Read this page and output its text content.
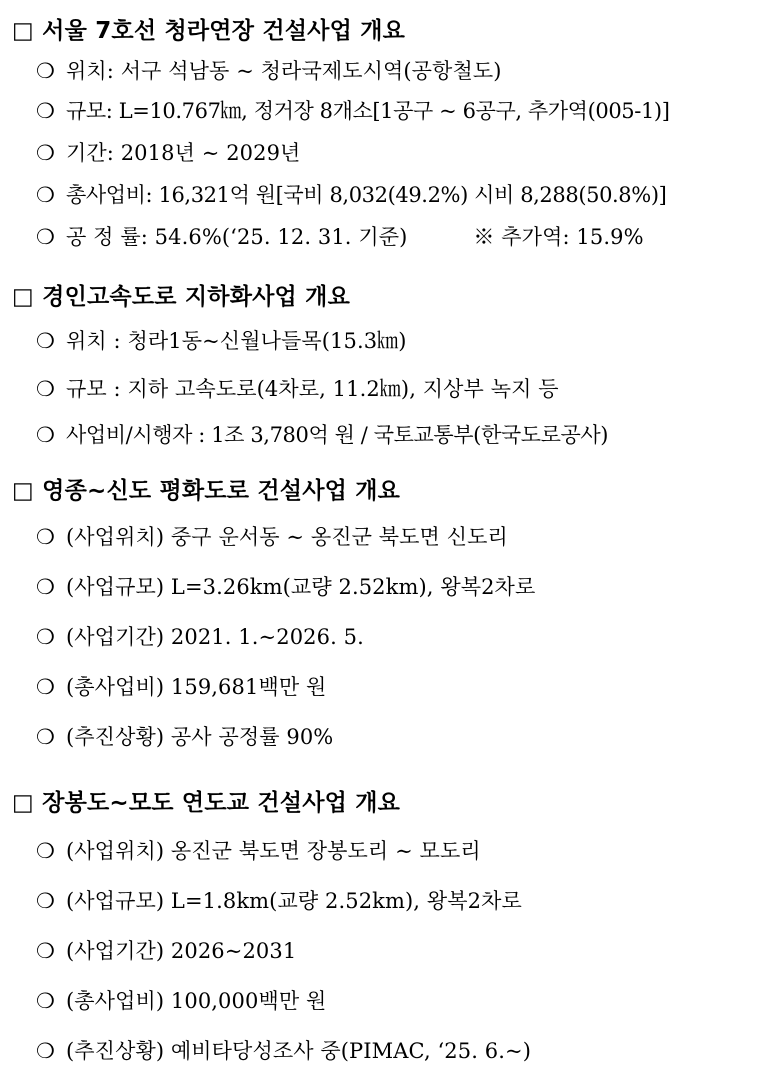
□ 서울 7호선 청라연장 건설사업 개요
❍ 위치: 서구 석남동 ~ 청라국제도시역(공항철도)
❍ 규모: L=10.767㎞, 정거장 8개소[1공구 ~ 6공구, 추가역(005-1)]
❍ 기간: 2018년 ∼ 2029년
❍ 총사업비: 16,321억 원[국비 8,032(49.2%) 시비 8,288(50.8%)]
❍ 공 정 률: 54.6%(‘25. 12. 31. 기준)	※ 추가역: 15.9%
□ 경인고속도로 지하화사업 개요
❍ 위치 : 청라1동~신월나들목(15.3㎞)
❍ 규모 : 지하 고속도로(4차로, 11.2㎞), 지상부 녹지 등
❍ 사업비/시행자 : 1조 3,780억 원 / 국토교통부(한국도로공사)
□ 영종~신도 평화도로 건설사업 개요
❍ (사업위치) 중구 운서동 ∼ 옹진군 북도면 신도리
❍ (사업규모) L=3.26km(교량 2.52km), 왕복2차로
❍ (사업기간) 2021. 1.∼2026. 5.
❍ (총사업비) 159,681백만 원
❍ (추진상황) 공사 공정률 90%
□ 장봉도~모도 연도교 건설사업 개요
❍ (사업위치) 옹진군 북도면 장봉도리 ∼ 모도리
❍ (사업규모) L=1.8km(교량 2.52km), 왕복2차로
❍ (사업기간) 2026∼2031
❍ (총사업비) 100,000백만 원
❍ (추진상황) 예비타당성조사 중(PIMAC, ‘25. 6.~)
